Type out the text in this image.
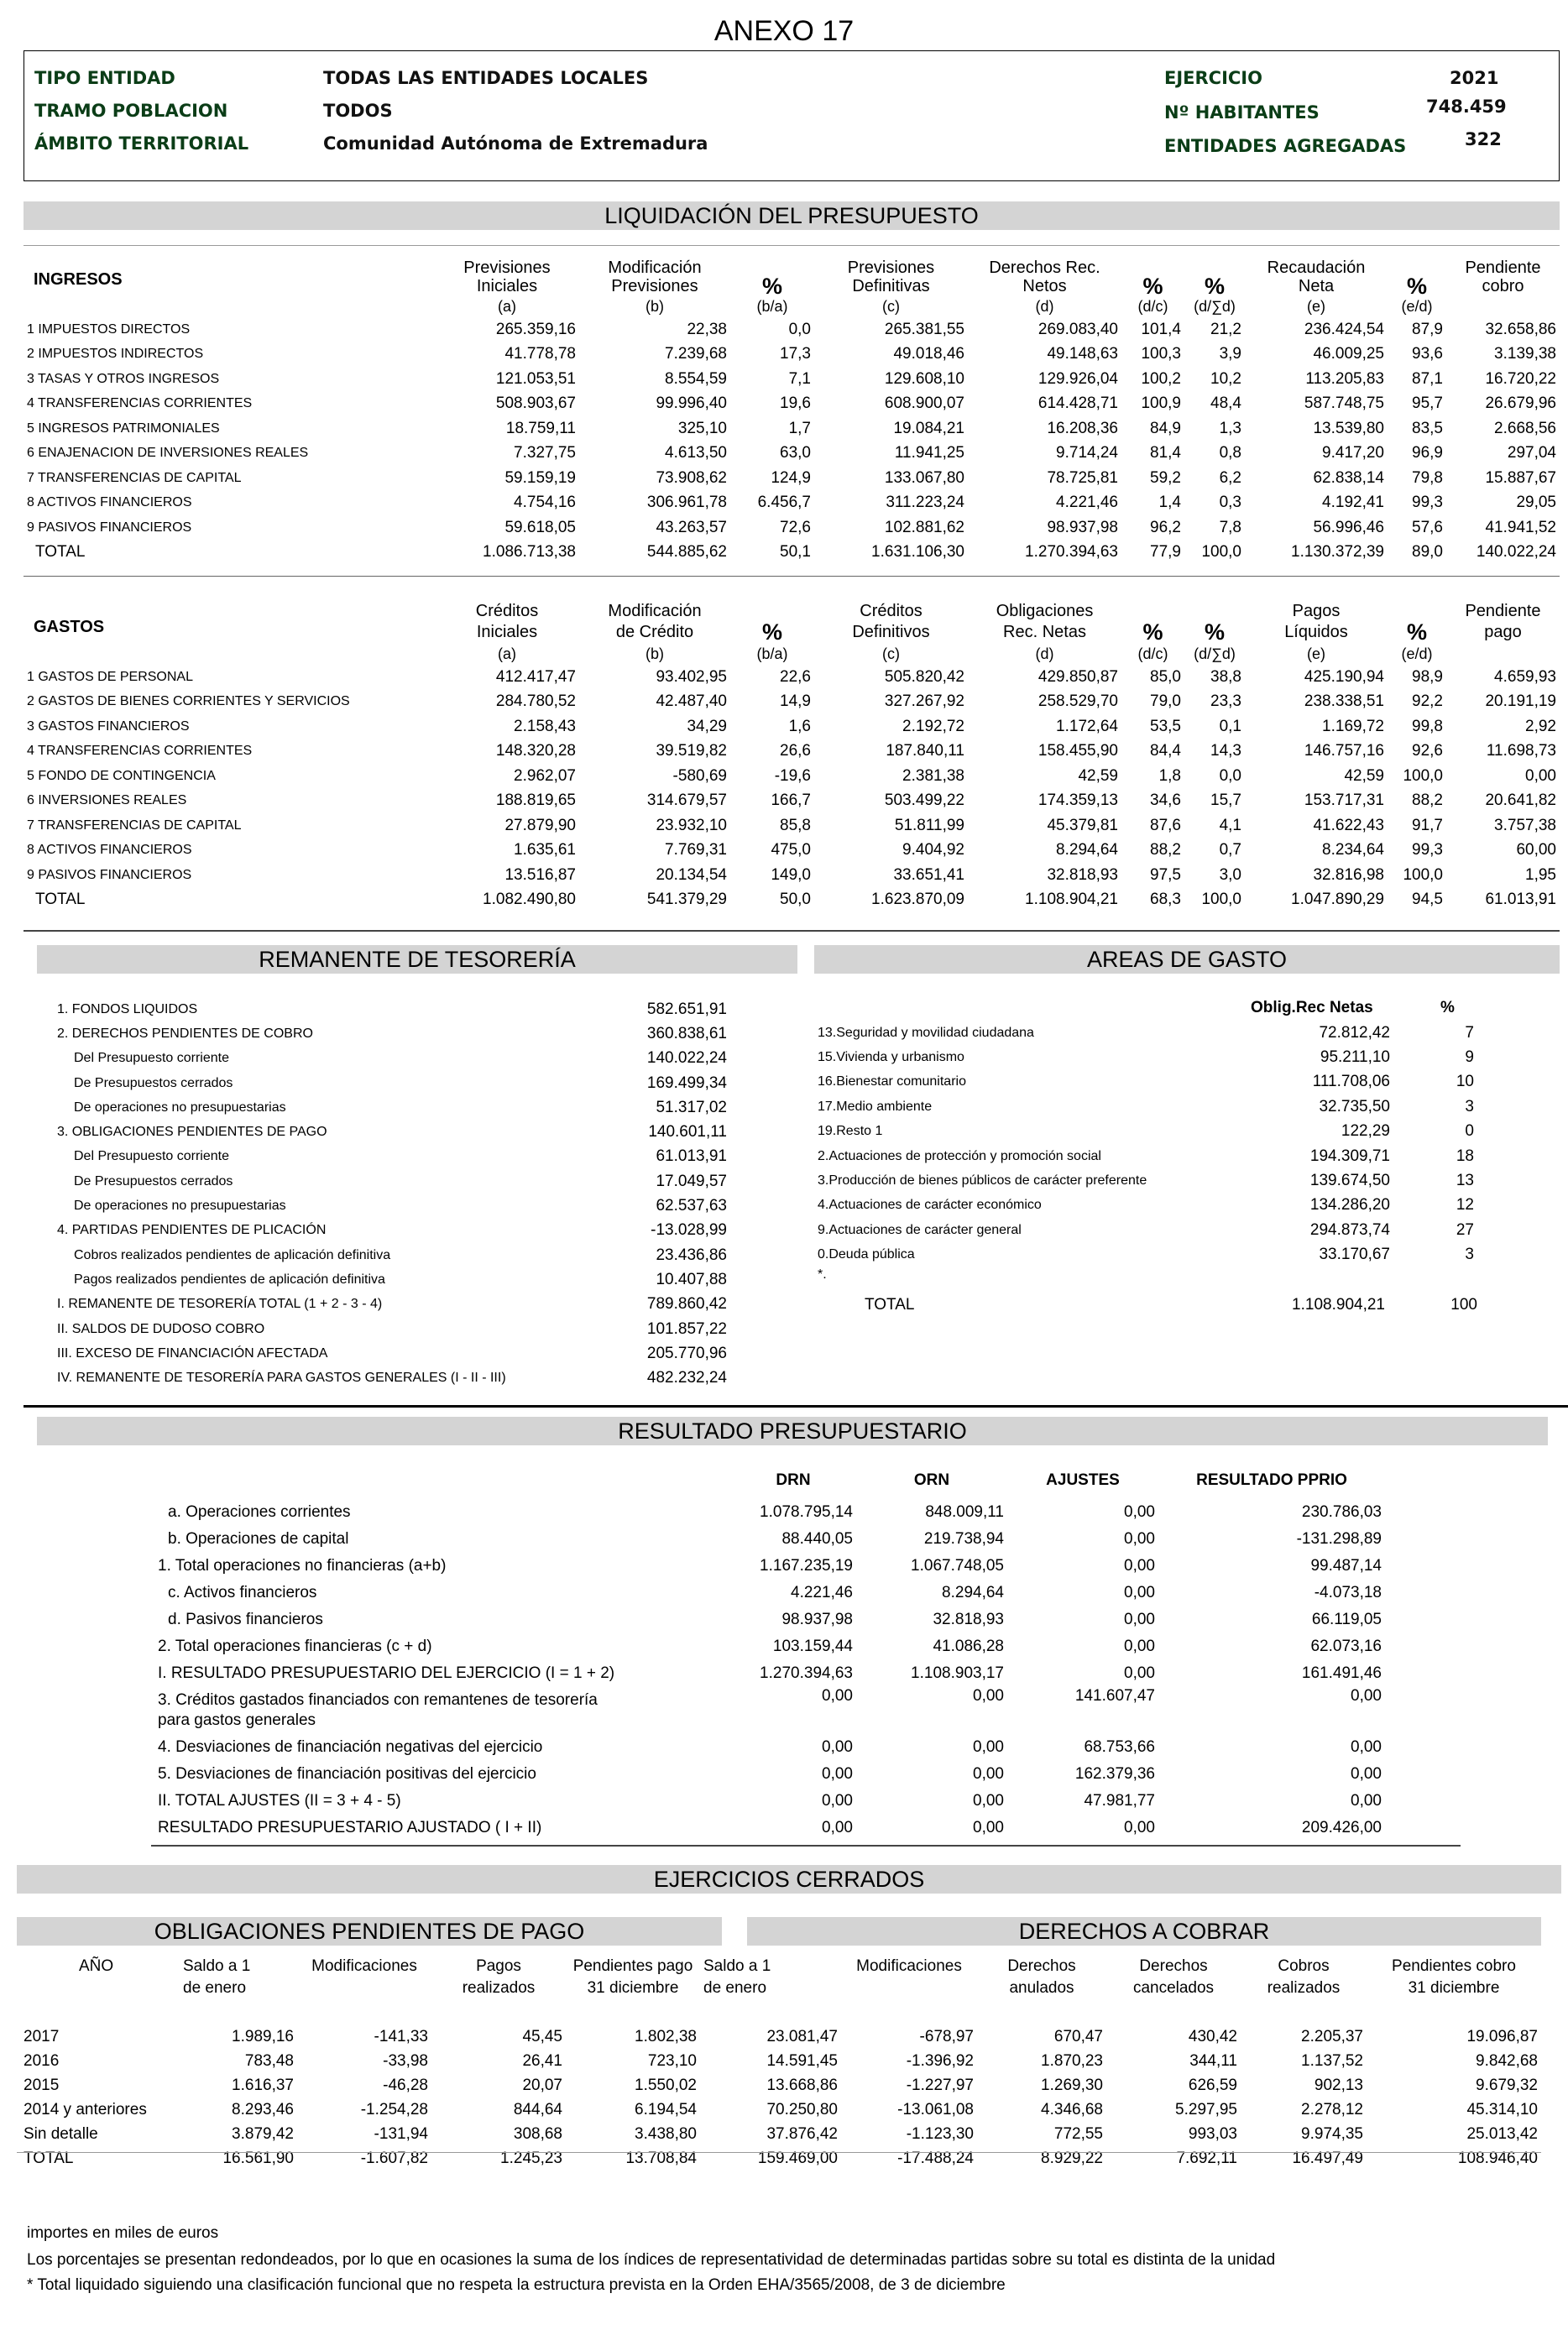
ANEXO 17
TIPO ENTIDAD	TODAS LAS ENTIDADES LOCALES
TRAMO POBLACION	TODOS
ÁMBITO TERRITORIAL	Comunidad Autónoma de Extremadura
EJERCICIO	2021
Nº HABITANTES	748.459
ENTIDADES AGREGADAS	322
LIQUIDACIÓN DEL PRESUPUESTO
INGRESOS
	Previsiones	Modificación		Previsiones	Derechos Rec.			Recaudación		Pendiente
	Iniciales	Previsiones	%	Definitivas	Netos	%	%	Neta	%	cobro
	(a)	(b)	(b/a)	(c)	(d)	(d/c)	(d/∑d)	(e)	(e/d)	
1 IMPUESTOS DIRECTOS	265.359,16	22,38	0,0	265.381,55	269.083,40	101,4	21,2	236.424,54	87,9	32.658,86
2 IMPUESTOS INDIRECTOS	41.778,78	7.239,68	17,3	49.018,46	49.148,63	100,3	3,9	46.009,25	93,6	3.139,38
3 TASAS Y OTROS INGRESOS	121.053,51	8.554,59	7,1	129.608,10	129.926,04	100,2	10,2	113.205,83	87,1	16.720,22
4 TRANSFERENCIAS CORRIENTES	508.903,67	99.996,40	19,6	608.900,07	614.428,71	100,9	48,4	587.748,75	95,7	26.679,96
5 INGRESOS PATRIMONIALES	18.759,11	325,10	1,7	19.084,21	16.208,36	84,9	1,3	13.539,80	83,5	2.668,56
6 ENAJENACION DE INVERSIONES REALES	7.327,75	4.613,50	63,0	11.941,25	9.714,24	81,4	0,8	9.417,20	96,9	297,04
7 TRANSFERENCIAS DE CAPITAL	59.159,19	73.908,62	124,9	133.067,80	78.725,81	59,2	6,2	62.838,14	79,8	15.887,67
8 ACTIVOS FINANCIEROS	4.754,16	306.961,78	6.456,7	311.223,24	4.221,46	1,4	0,3	4.192,41	99,3	29,05
9 PASIVOS FINANCIEROS	59.618,05	43.263,57	72,6	102.881,62	98.937,98	96,2	7,8	56.996,46	57,6	41.941,52
TOTAL	1.086.713,38	544.885,62	50,1	1.631.106,30	1.270.394,63	77,9	100,0	1.130.372,39	89,0	140.022,24
GASTOS
	Créditos	Modificación		Créditos	Obligaciones			Pagos		Pendiente
	Iniciales	de Crédito	%	Definitivos	Rec. Netas	%	%	Líquidos	%	pago
	(a)	(b)	(b/a)	(c)	(d)	(d/c)	(d/∑d)	(e)	(e/d)	
1 GASTOS DE PERSONAL	412.417,47	93.402,95	22,6	505.820,42	429.850,87	85,0	38,8	425.190,94	98,9	4.659,93
2 GASTOS DE BIENES CORRIENTES Y SERVICIOS	284.780,52	42.487,40	14,9	327.267,92	258.529,70	79,0	23,3	238.338,51	92,2	20.191,19
3 GASTOS FINANCIEROS	2.158,43	34,29	1,6	2.192,72	1.172,64	53,5	0,1	1.169,72	99,8	2,92
4 TRANSFERENCIAS CORRIENTES	148.320,28	39.519,82	26,6	187.840,11	158.455,90	84,4	14,3	146.757,16	92,6	11.698,73
5 FONDO DE CONTINGENCIA	2.962,07	-580,69	-19,6	2.381,38	42,59	1,8	0,0	42,59	100,0	0,00
6 INVERSIONES REALES	188.819,65	314.679,57	166,7	503.499,22	174.359,13	34,6	15,7	153.717,31	88,2	20.641,82
7 TRANSFERENCIAS DE CAPITAL	27.879,90	23.932,10	85,8	51.811,99	45.379,81	87,6	4,1	41.622,43	91,7	3.757,38
8 ACTIVOS FINANCIEROS	1.635,61	7.769,31	475,0	9.404,92	8.294,64	88,2	0,7	8.234,64	99,3	60,00
9 PASIVOS FINANCIEROS	13.516,87	20.134,54	149,0	33.651,41	32.818,93	97,5	3,0	32.816,98	100,0	1,95
TOTAL	1.082.490,80	541.379,29	50,0	1.623.870,09	1.108.904,21	68,3	100,0	1.047.890,29	94,5	61.013,91
REMANENTE DE TESORERÍA
1. FONDOS LIQUIDOS	582.651,91
2. DERECHOS PENDIENTES DE COBRO	360.838,61
Del Presupuesto corriente	140.022,24
De Presupuestos cerrados	169.499,34
De operaciones no presupuestarias	51.317,02
3. OBLIGACIONES PENDIENTES DE PAGO	140.601,11
Del Presupuesto corriente	61.013,91
De Presupuestos cerrados	17.049,57
De operaciones no presupuestarias	62.537,63
4. PARTIDAS PENDIENTES DE PLICACIÓN	-13.028,99
Cobros realizados pendientes de aplicación definitiva	23.436,86
Pagos realizados pendientes de aplicación definitiva	10.407,88
I. REMANENTE DE TESORERÍA TOTAL (1 + 2 - 3 - 4)	789.860,42
II. SALDOS DE DUDOSO COBRO	101.857,22
III. EXCESO DE FINANCIACIÓN AFECTADA	205.770,96
IV. REMANENTE DE TESORERÍA PARA GASTOS GENERALES (I - II - III)	482.232,24
AREAS DE GASTO
Oblig.Rec Netas	%
13.Seguridad y movilidad ciudadana	72.812,42	7
15.Vivienda y urbanismo	95.211,10	9
16.Bienestar comunitario	111.708,06	10
17.Medio ambiente	32.735,50	3
19.Resto 1	122,29	0
2.Actuaciones de protección y promoción social	194.309,71	18
3.Producción de bienes públicos de carácter preferente	139.674,50	13
4.Actuaciones de carácter económico	134.286,20	12
9.Actuaciones de carácter general	294.873,74	27
0.Deuda pública	33.170,67	3
*.
TOTAL	1.108.904,21	100
RESULTADO PRESUPUESTARIO
	DRN	ORN	AJUSTES	RESULTADO PPRIO

a. Operaciones corrientes	1.078.795,14	848.009,11	0,00	230.786,03

b. Operaciones de capital	88.440,05	219.738,94	0,00	-131.298,89

1. Total operaciones no financieras (a+b)	1.167.235,19	1.067.748,05	0,00	99.487,14

c. Activos financieros	4.221,46	8.294,64	0,00	-4.073,18

d. Pasivos financieros	98.937,98	32.818,93	0,00	66.119,05

2. Total operaciones financieras (c + d)	103.159,44	41.086,28	0,00	62.073,16

I. RESULTADO PRESUPUESTARIO DEL EJERCICIO (I = 1 + 2)	1.270.394,63	1.108.903,17	0,00	161.491,46

3. Créditos gastados financiados con remantenes de tesorería
para gastos generales	0,00	0,00	141.607,47	0,00

4. Desviaciones de financiación negativas del ejercicio	0,00	0,00	68.753,66	0,00

5. Desviaciones de financiación positivas del ejercicio	0,00	0,00	162.379,36	0,00

II. TOTAL AJUSTES (II = 3 + 4 - 5)	0,00	0,00	47.981,77	0,00

RESULTADO PRESUPUESTARIO AJUSTADO ( I + II)	0,00	0,00	0,00	209.426,00
EJERCICIOS CERRADOS
OBLIGACIONES PENDIENTES DE PAGO	DERECHOS A COBRAR
AÑO	Saldo a 1	Modificaciones	Pagos	Pendientes pago	Saldo a 1	Modificaciones	Derechos	Derechos	Cobros	Pendientes cobro
	de enero		realizados	31 diciembre	de enero		anulados	cancelados	realizados	31 diciembre

2017	1.989,16	-141,33	45,45	1.802,38	23.081,47	-678,97	670,47	430,42	2.205,37	19.096,87
2016	783,48	-33,98	26,41	723,10	14.591,45	-1.396,92	1.870,23	344,11	1.137,52	9.842,68
2015	1.616,37	-46,28	20,07	1.550,02	13.668,86	-1.227,97	1.269,30	626,59	902,13	9.679,32
2014 y anteriores	8.293,46	-1.254,28	844,64	6.194,54	70.250,80	-13.061,08	4.346,68	5.297,95	2.278,12	45.314,10
Sin detalle	3.879,42	-131,94	308,68	3.438,80	37.876,42	-1.123,30	772,55	993,03	9.974,35	25.013,42
TOTAL	16.561,90	-1.607,82	1.245,23	13.708,84	159.469,00	-17.488,24	8.929,22	7.692,11	16.497,49	108.946,40
importes en miles de euros
Los porcentajes se presentan redondeados, por lo que en ocasiones la suma de los índices de representatividad de determinadas partidas sobre su total es distinta de la unidad
* Total liquidado siguiendo una clasificación funcional que no respeta la estructura prevista en la Orden EHA/3565/2008, de 3 de diciembre
